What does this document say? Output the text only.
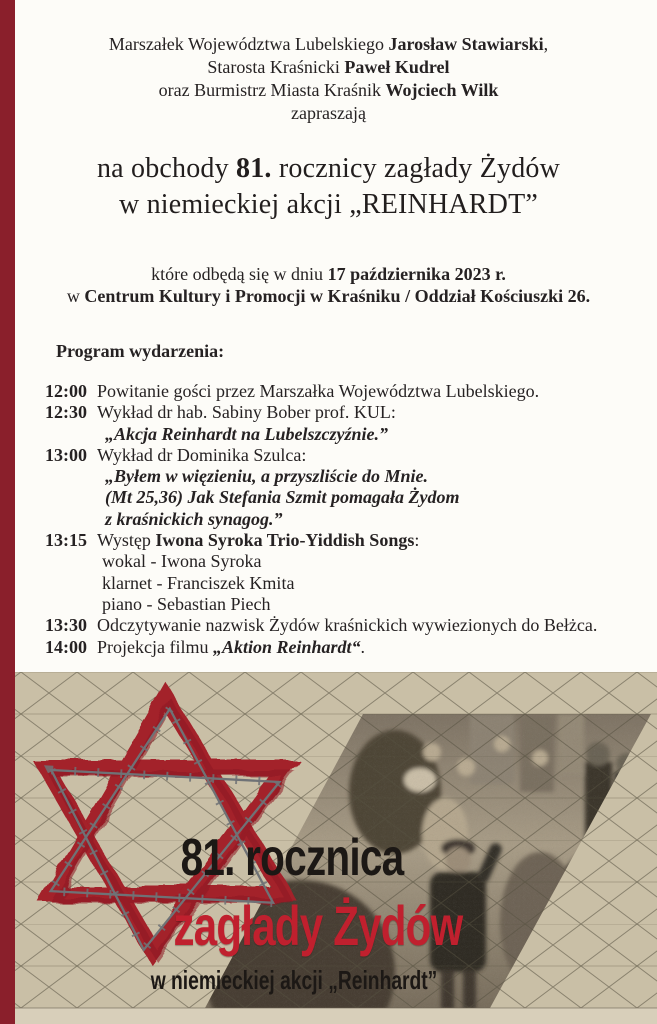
Marszałek Województwa Lubelskiego Jarosław Stawiarski,

Starosta Kraśnicki Paweł Kudrel

oraz Burmistrz Miasta Kraśnik Wojciech Wilk

zapraszają

na obchody 81. rocznicy zagłady Żydów
w niemieckiej akcji „REINHARDT”

które odbędą się w dniu 17 października 2023 r.

w Centrum Kultury i Promocji w Kraśniku / Oddział Kościuszki 26.

Program wydarzenia:
12:00 Powitanie gości przez Marszałka Województwa Lubelskiego.
12:30 Wykład dr hab. Sabiny Bober prof. KUL:
„Akcja Reinhardt na Lubelszczyźnie.”
13:00 Wykład dr Dominika Szulca:
„Byłem w więzieniu, a przyszliście do Mnie.
(Mt 25,36) Jak Stefania Szmit pomagała Żydom
z kraśnickich synagog.”
13:15 Występ Iwona Syroka Trio-Yiddish Songs:
wokal - Iwona Syroka
klarnet - Franciszek Kmita
piano - Sebastian Piech
13:30 Odczytywanie nazwisk Żydów kraśnickich wywiezionych do Bełżca.
14:00 Projekcja filmu „Aktion Reinhardt“.
81. rocznica
zagłady Żydów
w niemieckiej akcji „Reinhardt”
